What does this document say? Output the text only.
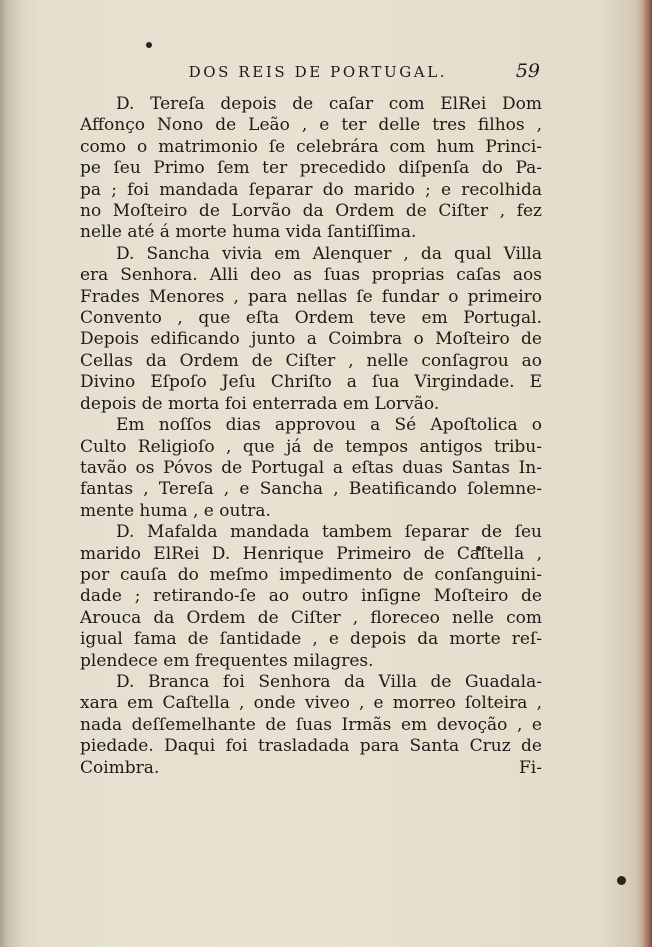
DOS REIS DE PORTUGAL.	59

D. Tereſa depois de caſar com ElRei Dom

Affonço Nono de Leão , e ter delle tres filhos ,

como o matrimonio ſe celebrára com hum Princi-

pe ſeu Primo ſem ter precedido diſpenſa do Pa-

pa ; foi mandada ſeparar do marido ; e recolhida

no Moſteiro de Lorvão da Ordem de Ciſter , fez

nelle até á morte huma vida ſantiſſima.

D. Sancha vivia em Alenquer , da qual Villa

era Senhora. Alli deo as ſuas proprias caſas aos

Frades Menores , para nellas ſe fundar o primeiro

Convento , que eſta Ordem teve em Portugal.

Depois edificando junto a Coimbra o Moſteiro de

Cellas da Ordem de Ciſter , nelle conſagrou ao

Divino Eſpoſo Jeſu Chriſto a ſua Virgindade. E

depois de morta foi enterrada em Lorvão.

Em noſſos dias approvou a Sé Apoſtolica o

Culto Religioſo , que já de tempos antigos tribu-

tavão os Póvos de Portugal a eſtas duas Santas In-

fantas , Tereſa , e Sancha , Beatificando ſolemne-

mente huma , e outra.

D. Mafalda mandada tambem ſeparar de ſeu

marido ElRei D. Henrique Primeiro de Caſtella ,

por cauſa do meſmo impedimento de conſanguini-

dade ; retirando-ſe ao outro inſigne Moſteiro de

Arouca da Ordem de Ciſter , floreceo nelle com

igual fama de ſantidade , e depois da morte reſ-

plendece em frequentes milagres.

D. Branca foi Senhora da Villa de Guadala-

xara em Caſtella , onde viveo , e morreo ſolteira ,

nada deſſemelhante de ſuas Irmãs em devoção , e

piedade. Daqui foi trasladada para Santa Cruz de

Coimbra.	Fi-
